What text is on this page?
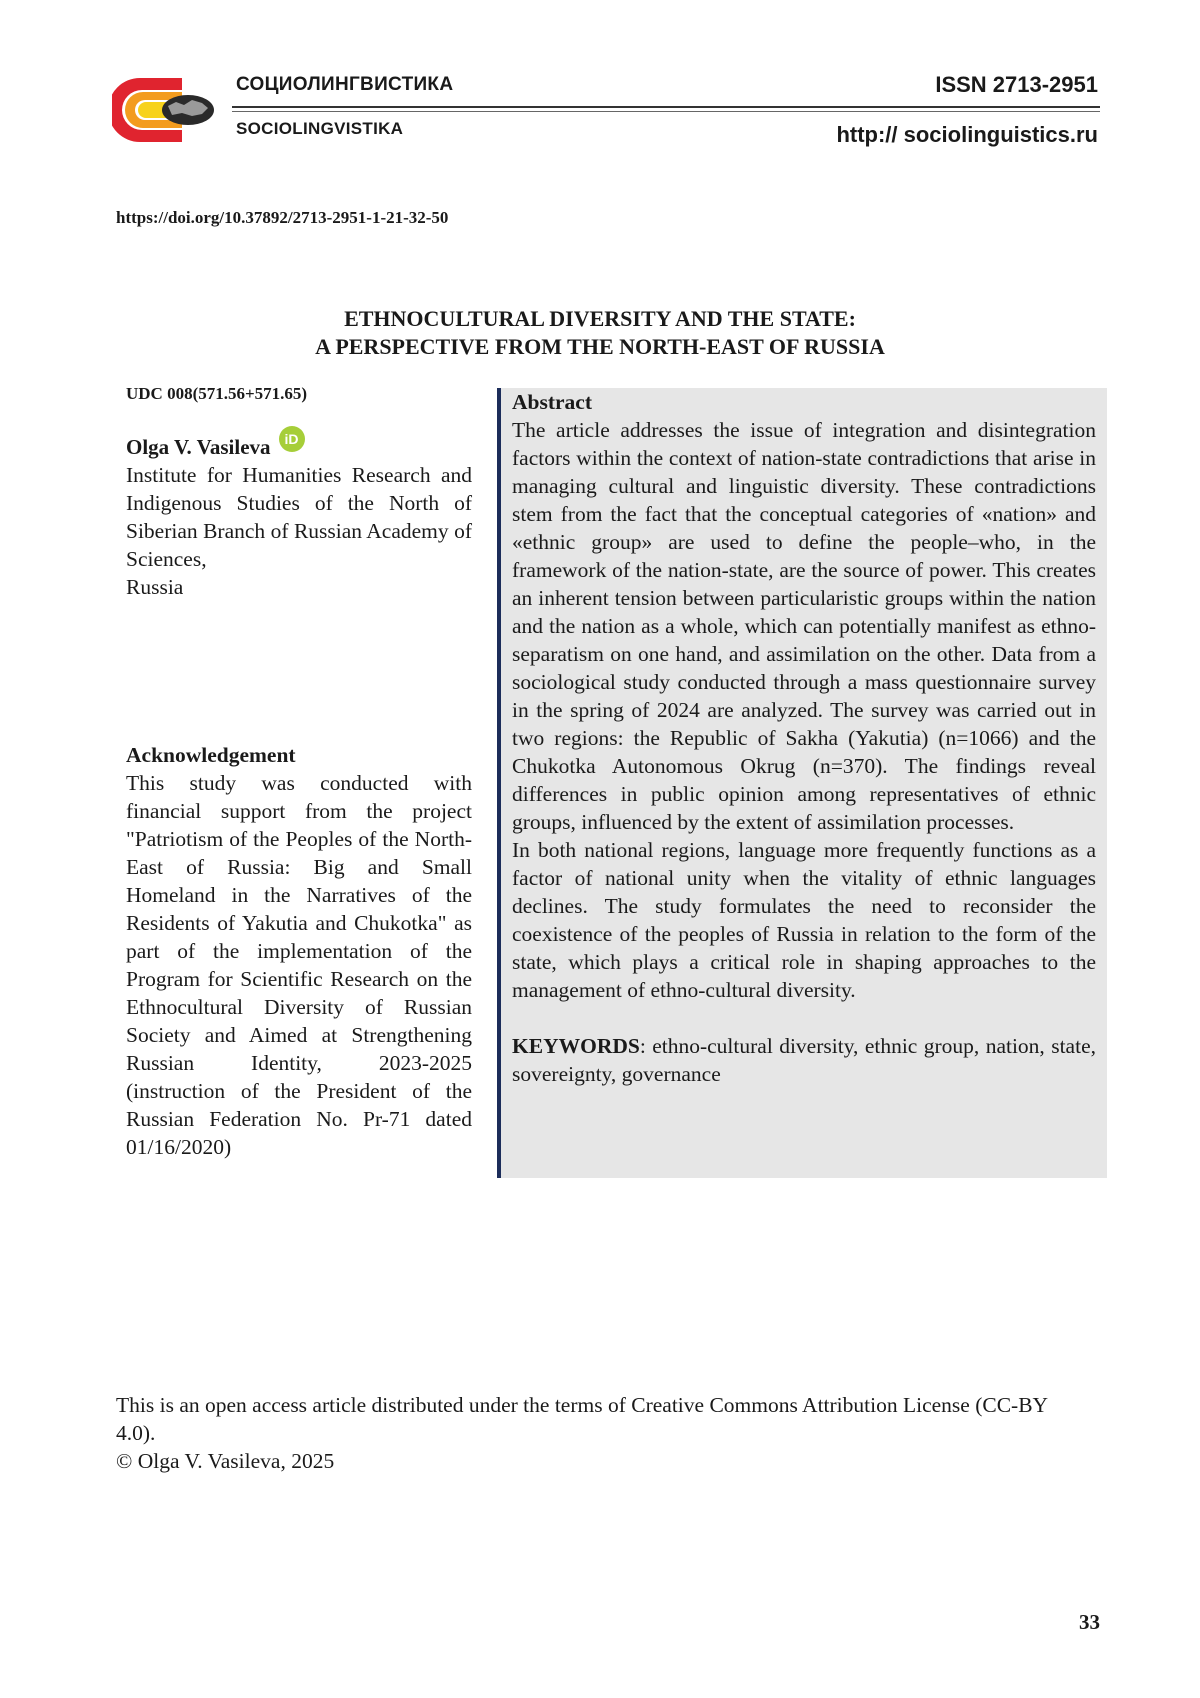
СОЦИОЛИНГВИСТИКА
SOCIOLINGVISTIKA
ISSN 2713-2951
http:// sociolinguistics.ru
https://doi.org/10.37892/2713-2951-1-21-32-50
ETHNOCULTURAL DIVERSITY AND THE STATE:
A PERSPECTIVE FROM THE NORTH-EAST OF RUSSIA
UDC 008(571.56+571.65)
Olga V. Vasileva	iD
Institute for Humanities Research and Indigenous Studies of the North of Siberian Branch of Russian Academy of Sciences,
Russia
Acknowledgement
This study was conducted with financial support from the project "Patriotism of the Peoples of the North-East of Russia: Big and Small Homeland in the Narratives of the Residents of Yakutia and Chukotka" as part of the implementation of the Program for Scientific Research on the Ethnocultural Diversity of Russian Society and Aimed at Strengthening Russian Identity, 2023-2025 (instruction of the President of the Russian Federation No. Pr-71 dated 01/16/2020)
Abstract
The article addresses the issue of integration and disintegration factors within the context of nation-state contradictions that arise in managing cultural and linguistic diversity. These contradictions stem from the fact that the conceptual categories of «nation» and «ethnic group» are used to define the people–who, in the framework of the nation-state, are the source of power. This creates an inherent tension between particularistic groups within the nation and the nation as a whole, which can potentially manifest as ethno-separatism on one hand, and assimilation on the other. Data from a sociological study conducted through a mass questionnaire survey in the spring of 2024 are analyzed. The survey was carried out in two regions: the Republic of Sakha (Yakutia) (n=1066) and the Chukotka Autonomous Okrug (n=370). The findings reveal differences in public opinion among representatives of ethnic groups, influenced by the extent of assimilation processes.
In both national regions, language more frequently functions as a factor of national unity when the vitality of ethnic languages declines. The study formulates the need to reconsider the coexistence of the peoples of Russia in relation to the form of the state, which plays a critical role in shaping approaches to the management of ethno-cultural diversity.
KEYWORDS: ethno-cultural diversity, ethnic group, nation, state, sovereignty, governance
This is an open access article distributed under the terms of Creative Commons Attribution License (CC-BY 4.0).
© Olga V. Vasileva, 2025
33
